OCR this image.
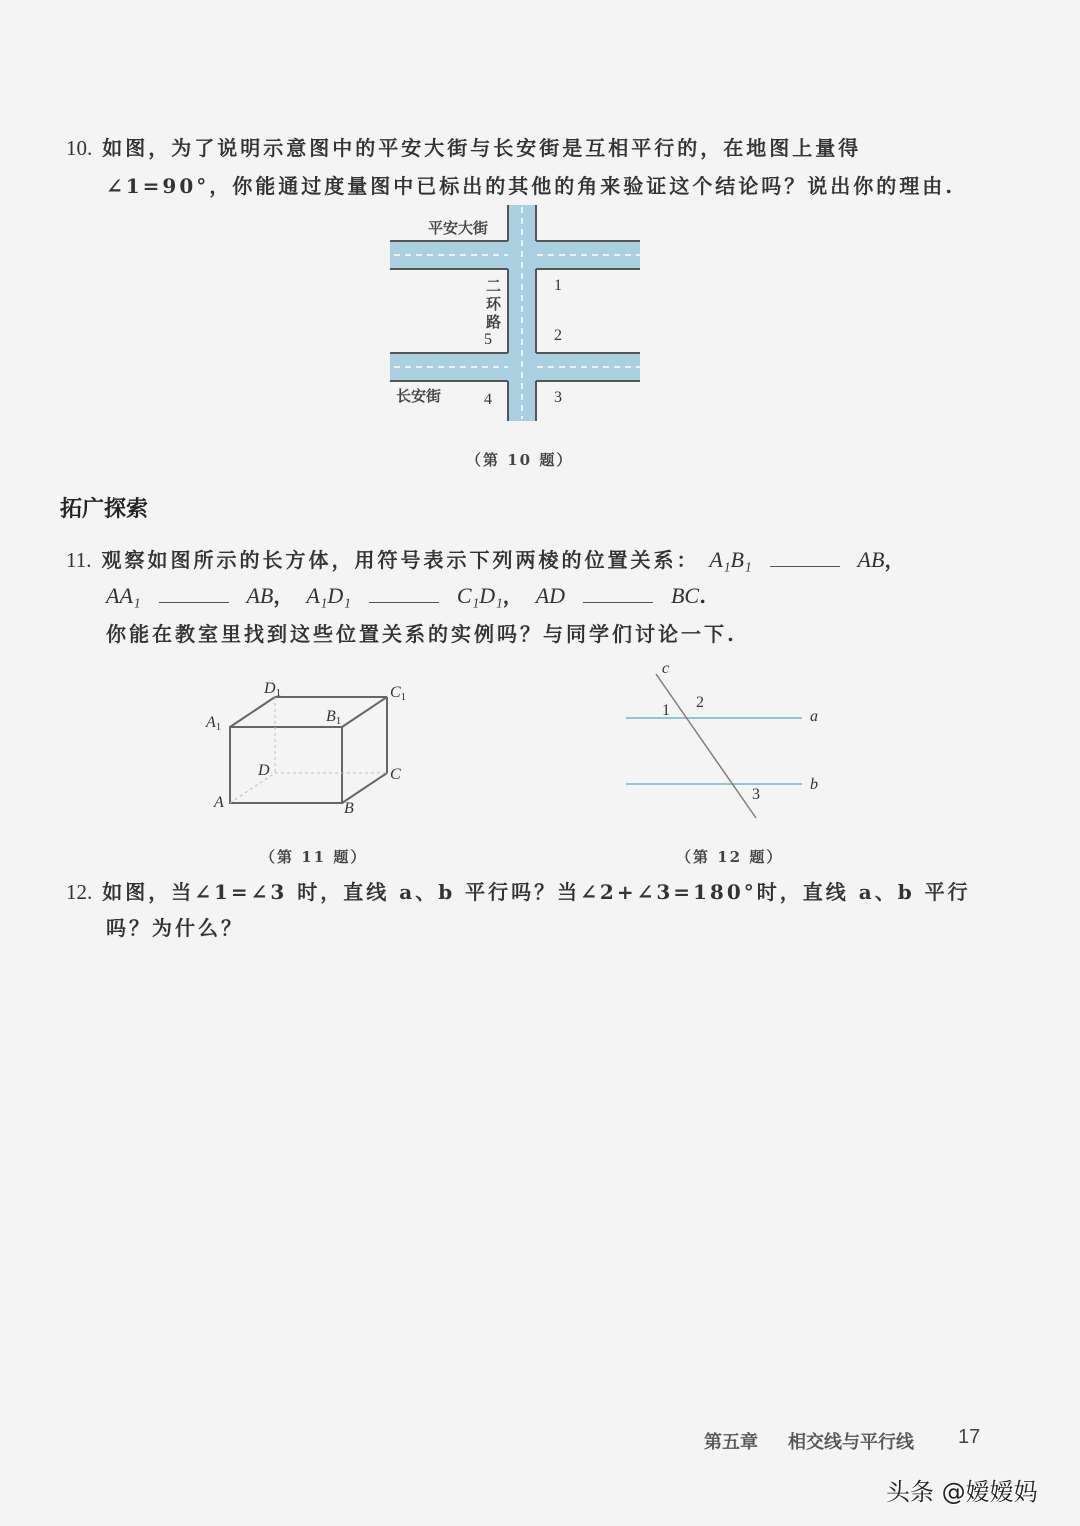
10. 如图，为了说明示意图中的平安大街与长安街是互相平行的，在地图上量得
∠1=90°，你能通过度量图中已标出的其他的角来验证这个结论吗？说出你的理由.
平安大街
长安街
二
环
路
1
2
3
4
5
（第 10 题）
拓广探索
11. 观察如图所示的长方体，用符号表示下列两棱的位置关系： A₁B₁	AB，
AA₁	AB， A₁D₁	C₁D₁， AD	BC.
你能在教室里找到这些位置关系的实例吗？与同学们讨论一下.
A	B
C
D
$A_1$
$B_1$
$C_1$
$D_1$
（第 11 题）
c
a
b
1 2
3
（第 12 题）
12. 如图，当∠1=∠3 时，直线 a、b 平行吗？当∠2+∠3=180°时，直线 a、b 平行
吗？为什么？
第五章 相交线与平行线 17
头条 @嫒嫒妈
